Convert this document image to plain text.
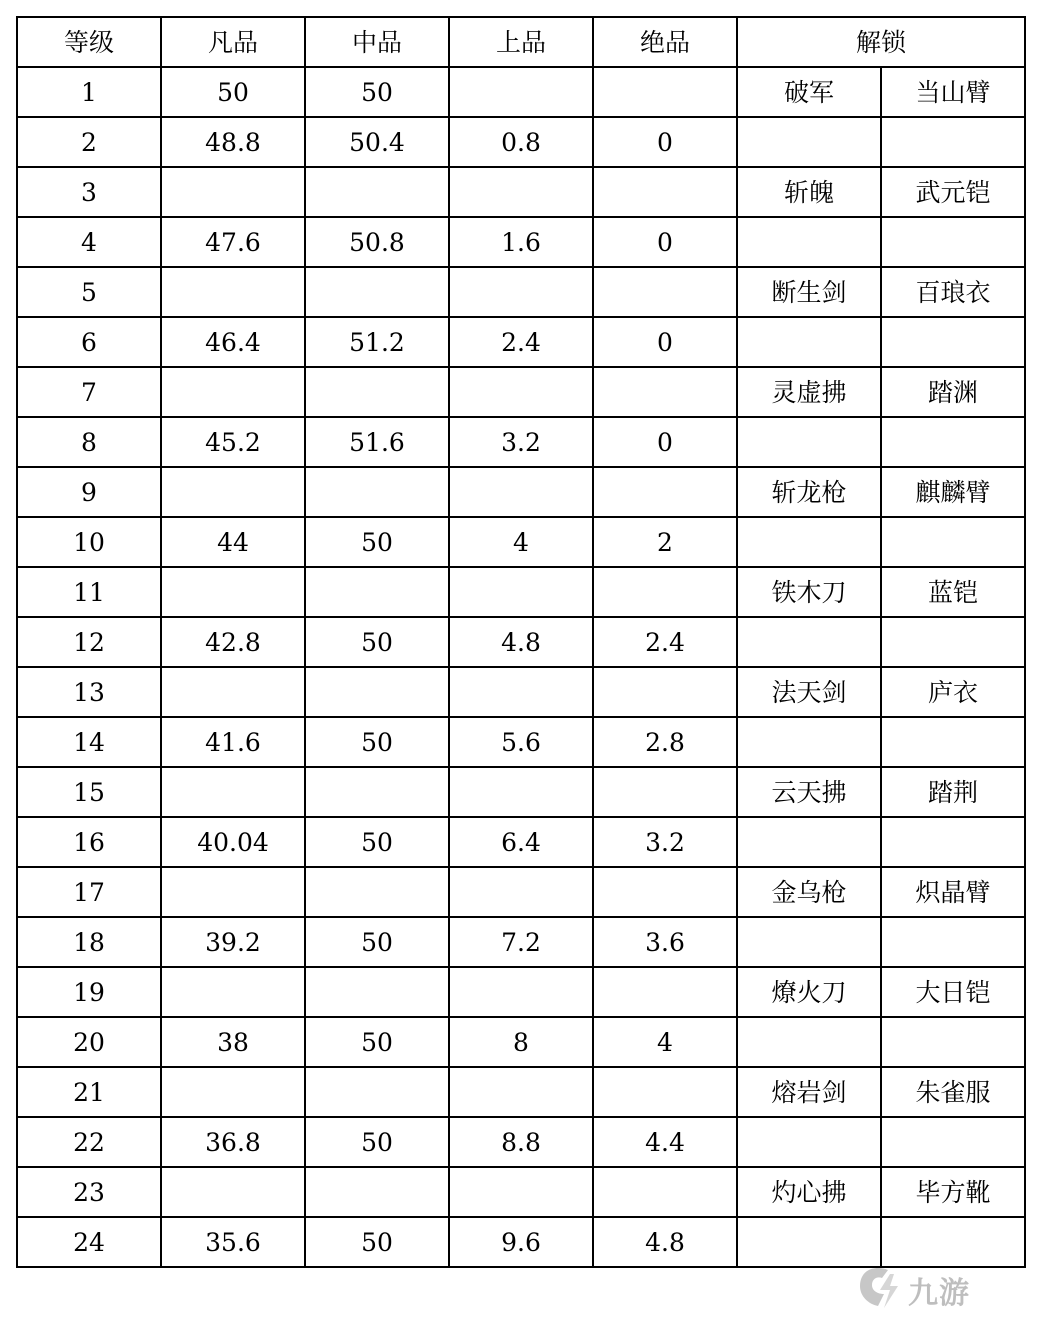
等级	凡品	中品	上品	绝品	解锁	
1	50	50			破军	当山臂
2	48.8	50.4	0.8	0		
3					斩魄	武元铠
4	47.6	50.8	1.6	0		
5					断生剑	百琅衣
6	46.4	51.2	2.4	0		
7					灵虚拂	踏渊
8	45.2	51.6	3.2	0		
9					斩龙枪	麒麟臂
10	44	50	4	2		
11					铁木刀	蓝铠
12	42.8	50	4.8	2.4		
13					法天剑	庐衣
14	41.6	50	5.6	2.8		
15					云天拂	踏荆
16	40.04	50	6.4	3.2		
17					金乌枪	炽晶臂
18	39.2	50	7.2	3.6		
19					燎火刀	大日铠
20	38	50	8	4		
21					熔岩剑	朱雀服
22	36.8	50	8.8	4.4		
23					灼心拂	毕方靴
24	35.6	50	9.6	4.8		
九游
